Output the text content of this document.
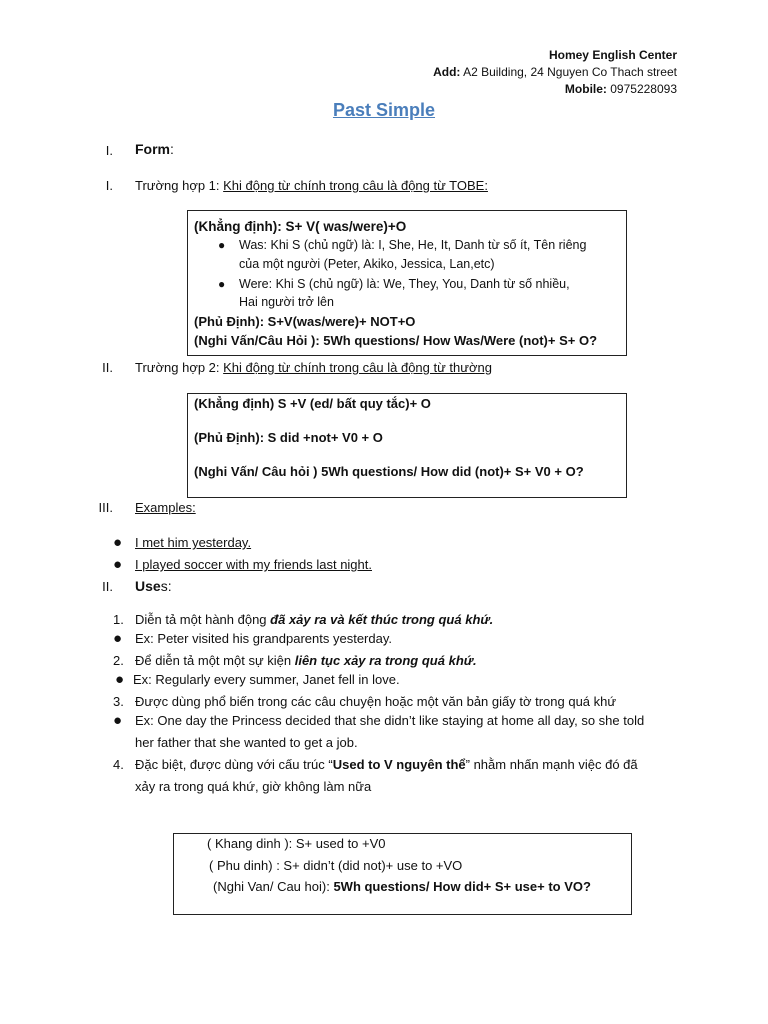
Homey English Center
Add: A2 Building, 24 Nguyen Co Thach street
Mobile: 0975228093
Past Simple
I. Form:
I. Trường hợp 1: Khi động từ chính trong câu là động từ TOBE:
(Khẳng định): S+ V( was/were)+O
● Was: Khi S (chủ ngữ) là: I, She, He, It, Danh từ số ít, Tên riêng
của một người (Peter, Akiko, Jessica, Lan,etc)
● Were: Khi S (chủ ngữ) là: We, They, You, Danh từ số nhiều,
Hai người trở lên
(Phủ Định): S+V(was/were)+ NOT+O
(Nghi Vấn/Câu Hỏi ): 5Wh questions/ How Was/Were (not)+ S+ O?
II. Trường hợp 2: Khi động từ chính trong câu là động từ thường
(Khẳng định) S +V (ed/ bất quy tắc)+ O
(Phủ Định): S did +not+ V0 + O
(Nghi Vấn/ Câu hỏi ) 5Wh questions/ How did (not)+ S+ V0 + O?
III. Examples:
● I met him yesterday.
● I played soccer with my friends last night.
II. Uses:
1. Diễn tả một hành động đã xảy ra và kết thúc trong quá khứ.
● Ex: Peter visited his grandparents yesterday.
2. Để diễn tả một một sự kiện liên tục xảy ra trong quá khứ.
● Ex: Regularly every summer, Janet fell in love.
3. Được dùng phổ biến trong các câu chuyện hoặc một văn bản giấy tờ trong quá khứ
● Ex: One day the Princess decided that she didn’t like staying at home all day, so she told
her father that she wanted to get a job.
4. Đặc biệt, được dùng với cấu trúc “Used to V nguyên thể” nhằm nhấn mạnh việc đó đã
xảy ra trong quá khứ, giờ không làm nữa
( Khang dinh ): S+ used to +V0
( Phu dinh) : S+ didn’t (did not)+ use to +VO
(Nghi Van/ Cau hoi): 5Wh questions/ How did+ S+ use+ to VO?
